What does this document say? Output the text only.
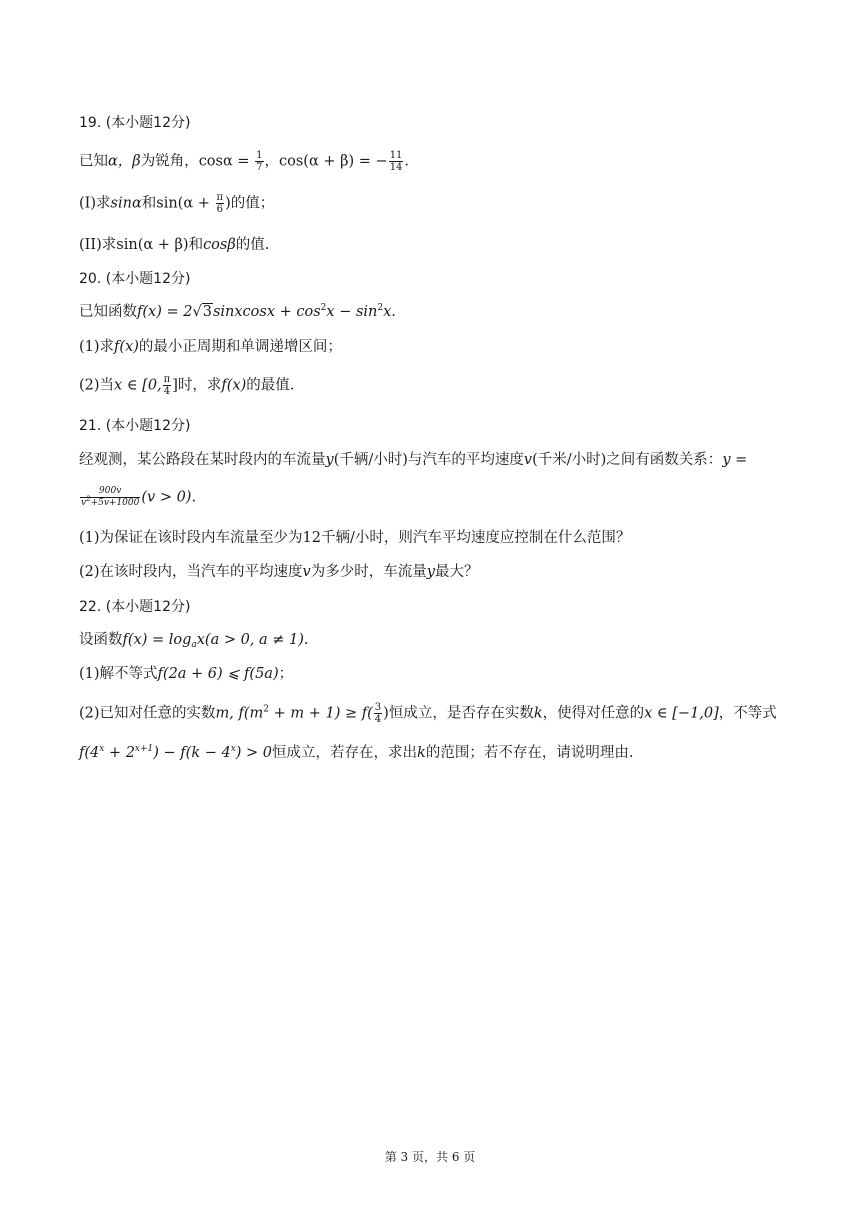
19. (本小题12分)
已知α，β为锐角，$\cos\alpha = \frac{1}{7}$ ，cos(α + β) = − $\frac{11}{14}$ .
(I)求sinα和$\sin(\alpha + \frac{\pi}{6}$ )的值；
(II)求sin(α + β)和cosβ的值.
20. (本小题12分)
已知函数f(x) = 2√3sinxcosx + $\cos^2x - \sin^2x$.
(1)求f(x)的最小正周期和单调递增区间；
(2)当x ∈ [0, $\frac{\pi}{4}$ ]时，求f(x)的最值.
21. (本小题12分)
经观测，某公路段在某时段内的车流量y(千辆/小时)与汽车的平均速度v(千米/小时)之间有函数关系：y =
$\frac{900v}{v^2+5v+1000} (v > 0)$.
(1)为保证在该时段内车流量至少为12千辆/小时，则汽车平均速度应控制在什么范围？
(2)在该时段内，当汽车的平均速度v为多少时，车流量y最大？
22. (本小题12分)
设函数$f(x) = \log_ax(a > 0$, a ≠ 1).
(1)解不等式f(2a + 6) ⩽ f(5a)；
(2)已知对任意的实数m, $f(m^2 + m + 1) \ge f( \frac{3}{4}$ )恒成立，是否存在实数k，使得对任意的x ∈ [−1,0]，不等式
$f(4^x + 2^{x+1}) - f(k - 4^x) > 0$恒成立，若存在，求出k的范围；若不存在，请说明理由.
第 3 页，共 6 页
